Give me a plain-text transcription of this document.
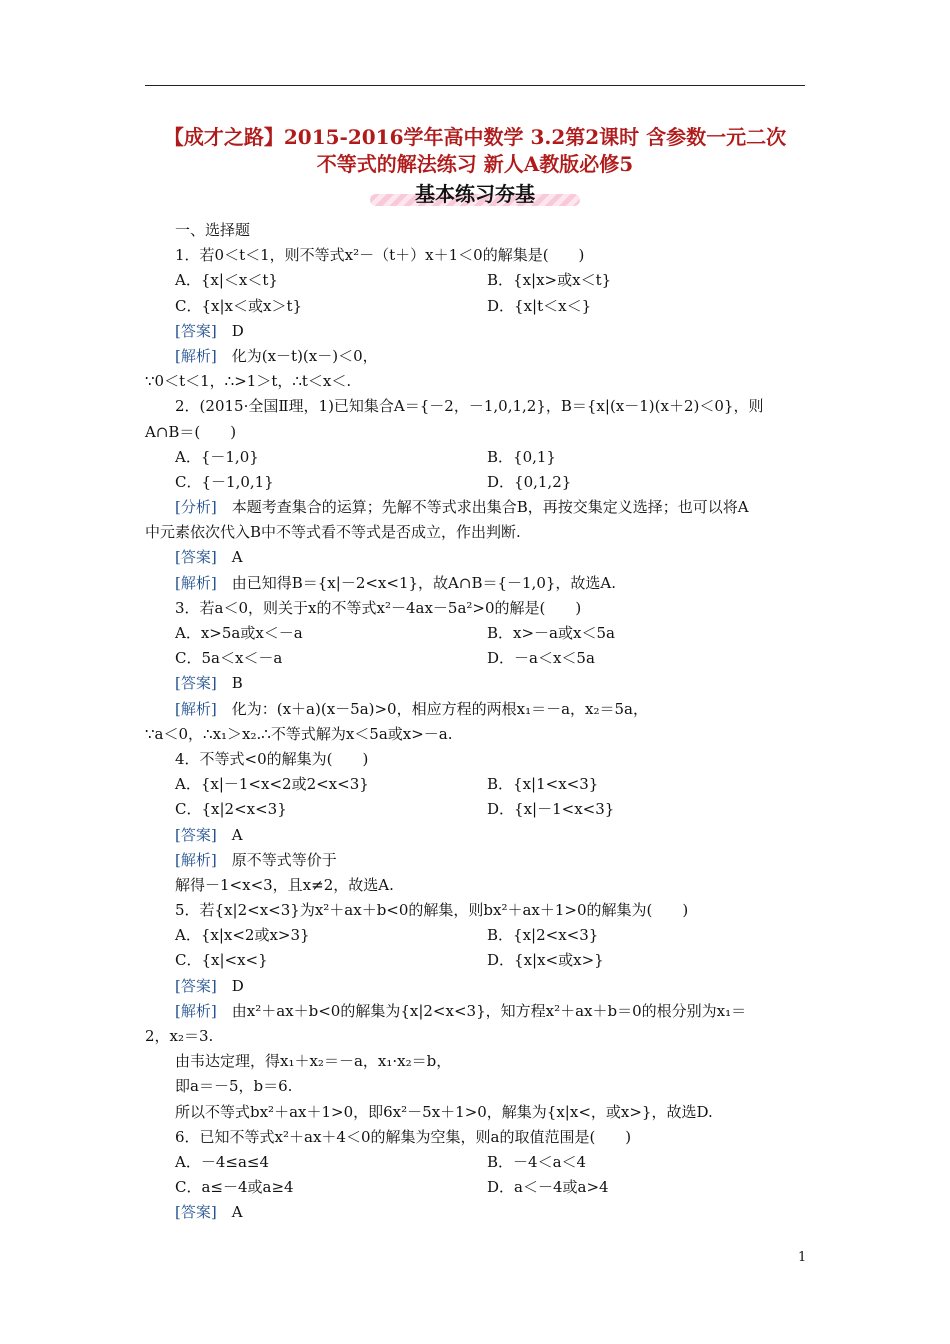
【成才之路】2015-2016学年高中数学 3.2第2课时 含参数一元二次
不等式的解法练习 新人A教版必修5
基本练习夯基
一、选择题
1．若0＜t＜1，则不等式x²－（t＋）x＋1＜0的解集是(　　)
A．{x|＜x＜t}	B．{x|x>或x＜t}
C．{x|x＜或x＞t}	D．{x|t＜x＜}
[答案]　 D
[解析]　 化为(x－t)(x－)＜0，
∵0＜t＜1，∴>1＞t，∴t＜x＜.
2．(2015·全国Ⅱ理，1)已知集合A＝{－2，－1,0,1,2}，B＝{x|(x－1)(x＋2)＜0}，则
A∩B＝(　　)
A．{－1,0}	B．{0,1}
C．{－1,0,1}	D．{0,1,2}
[分析]　 本题考查集合的运算；先解不等式求出集合B，再按交集定义选择；也可以将A
中元素依次代入B中不等式看不等式是否成立，作出判断.
[答案]　 A
[解析]　 由已知得B＝{x|－2<x<1}，故A∩B＝{－1,0}，故选A.
3．若a＜0，则关于x的不等式x²－4ax－5a²>0的解是(　　)
A．x>5a或x＜－a	B．x>－a或x＜5a
C．5a＜x＜－a	D．－a＜x＜5a
[答案]　 B
[解析]　 化为：(x＋a)(x－5a)>0，相应方程的两根x₁＝－a，x₂＝5a，
∵a＜0，∴x₁＞x₂.∴不等式解为x＜5a或x>－a.
4．不等式<0的解集为(　　)
A．{x|－1<x<2或2<x<3}	B．{x|1<x<3}
C．{x|2<x<3}	D．{x|－1<x<3}
[答案]　 A
[解析]　 原不等式等价于
解得－1<x<3，且x≠2，故选A.
5．若{x|2<x<3}为x²＋ax＋b<0的解集，则bx²＋ax＋1>0的解集为(　　)
A．{x|x<2或x>3}	B．{x|2<x<3}
C．{x|<x<}	D．{x|x<或x>}
[答案]　 D
[解析]　 由x²＋ax＋b<0的解集为{x|2<x<3}，知方程x²＋ax＋b＝0的根分别为x₁＝
2，x₂＝3.
由韦达定理，得x₁＋x₂＝－a，x₁·x₂＝b，
即a＝－5，b＝6.
所以不等式bx²＋ax＋1>0，即6x²－5x＋1>0，解集为{x|x<，或x>}，故选D.
6．已知不等式x²＋ax＋4＜0的解集为空集，则a的取值范围是(　　)
A．－4≤a≤4	B．－4＜a＜4
C．a≤－4或a≥4	D．a＜－4或a>4
[答案]　 A
1
